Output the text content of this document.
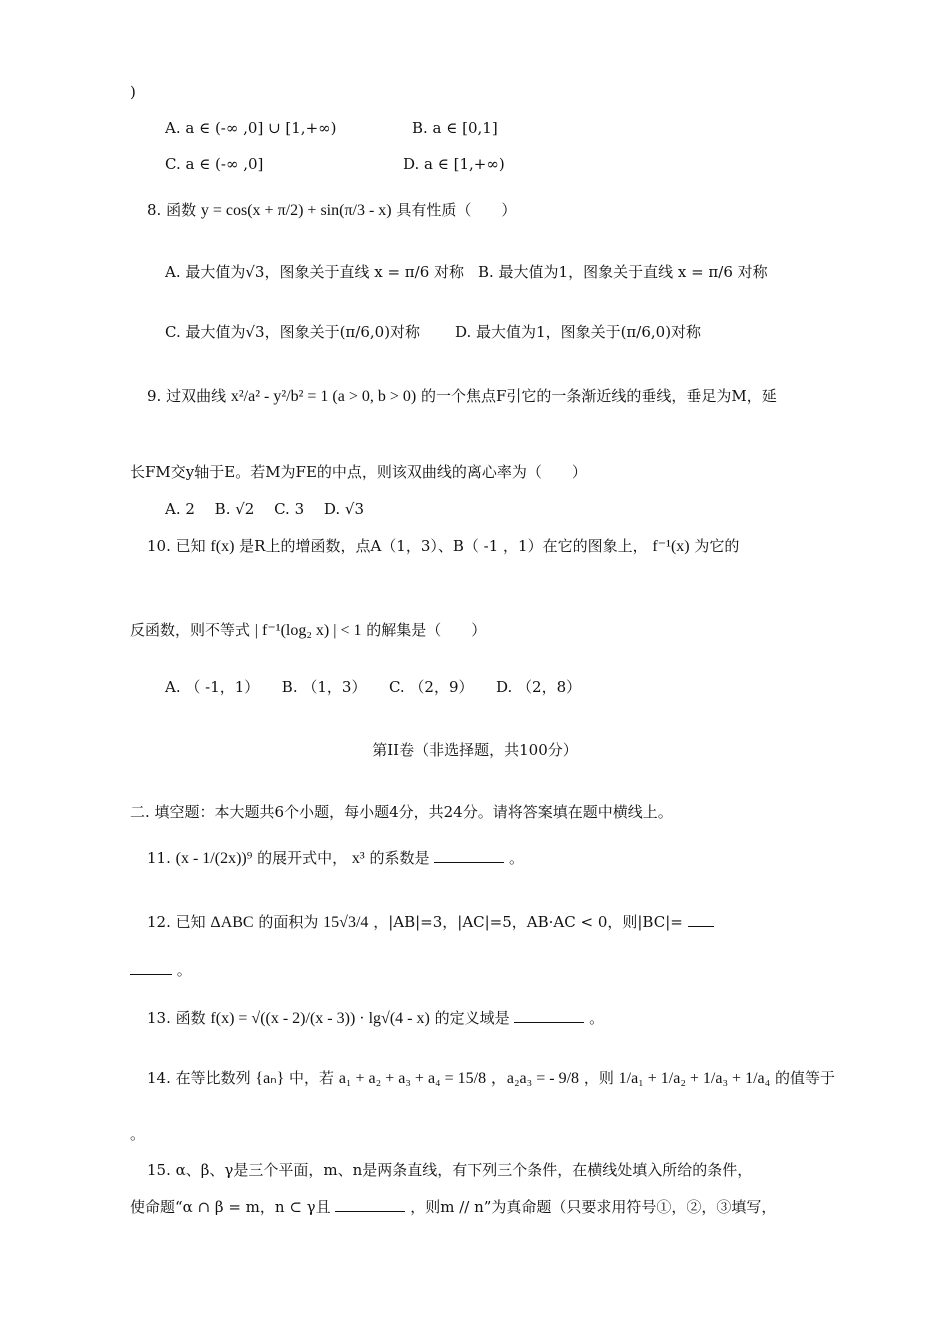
)
A. a ∈ (-∞ ,0] ∪ [1,+∞)	B. a ∈ [0,1]
C. a ∈ (-∞ ,0]	D. a ∈ [1,+∞)
8. 函数 y = cos(x + π/2) + sin(π/3 - x) 具有性质（　　）
A. 最大值为√3，图象关于直线 x = π/6 对称 B. 最大值为1，图象关于直线 x = π/6 对称
C. 最大值为√3，图象关于(π/6,0)对称 D. 最大值为1，图象关于(π/6,0)对称
9. 过双曲线 x²/a² - y²/b² = 1 (a > 0, b > 0) 的一个焦点F引它的一条渐近线的垂线，垂足为M，延
长FM交y轴于E。若M为FE的中点，则该双曲线的离心率为（　　）
A. 2　 B. √2　 C. 3　 D. √3
10. 已知 f(x) 是R上的增函数，点A（1，3）、B（ -1 ，1）在它的图象上， f⁻¹(x) 为它的
反函数，则不等式 | f⁻¹(log₂ x) | < 1 的解集是（　　）
A. （ -1，1）　　B. （1，3）　　C. （2，9）　　D. （2，8）
第II卷（非选择题，共100分）
二. 填空题：本大题共6个小题，每小题4分，共24分。请将答案填在题中横线上。
11. (x - 1/(2x))⁹ 的展开式中， x³ 的系数是	。
12. 已知 ΔABC 的面积为 15√3/4 ，|AB|=3，|AC|=5，AB·AC < 0，则|BC|=
。
13. 函数 f(x) = √((x - 2)/(x - 3)) · lg√(4 - x) 的定义域是	。
14. 在等比数列 {aₙ} 中，若 a₁ + a₂ + a₃ + a₄ = 15/8 ，a₂a₃ = - 9/8 ，则 1/a₁ + 1/a₂ + 1/a₃ + 1/a₄ 的值等于
。
15. α、β、γ是三个平面，m、n是两条直线，有下列三个条件，在横线处填入所给的条件，
使命题“α ∩ β = m，n ⊂ γ且	，则m // n”为真命题（只要求用符号①，②，③填写，
